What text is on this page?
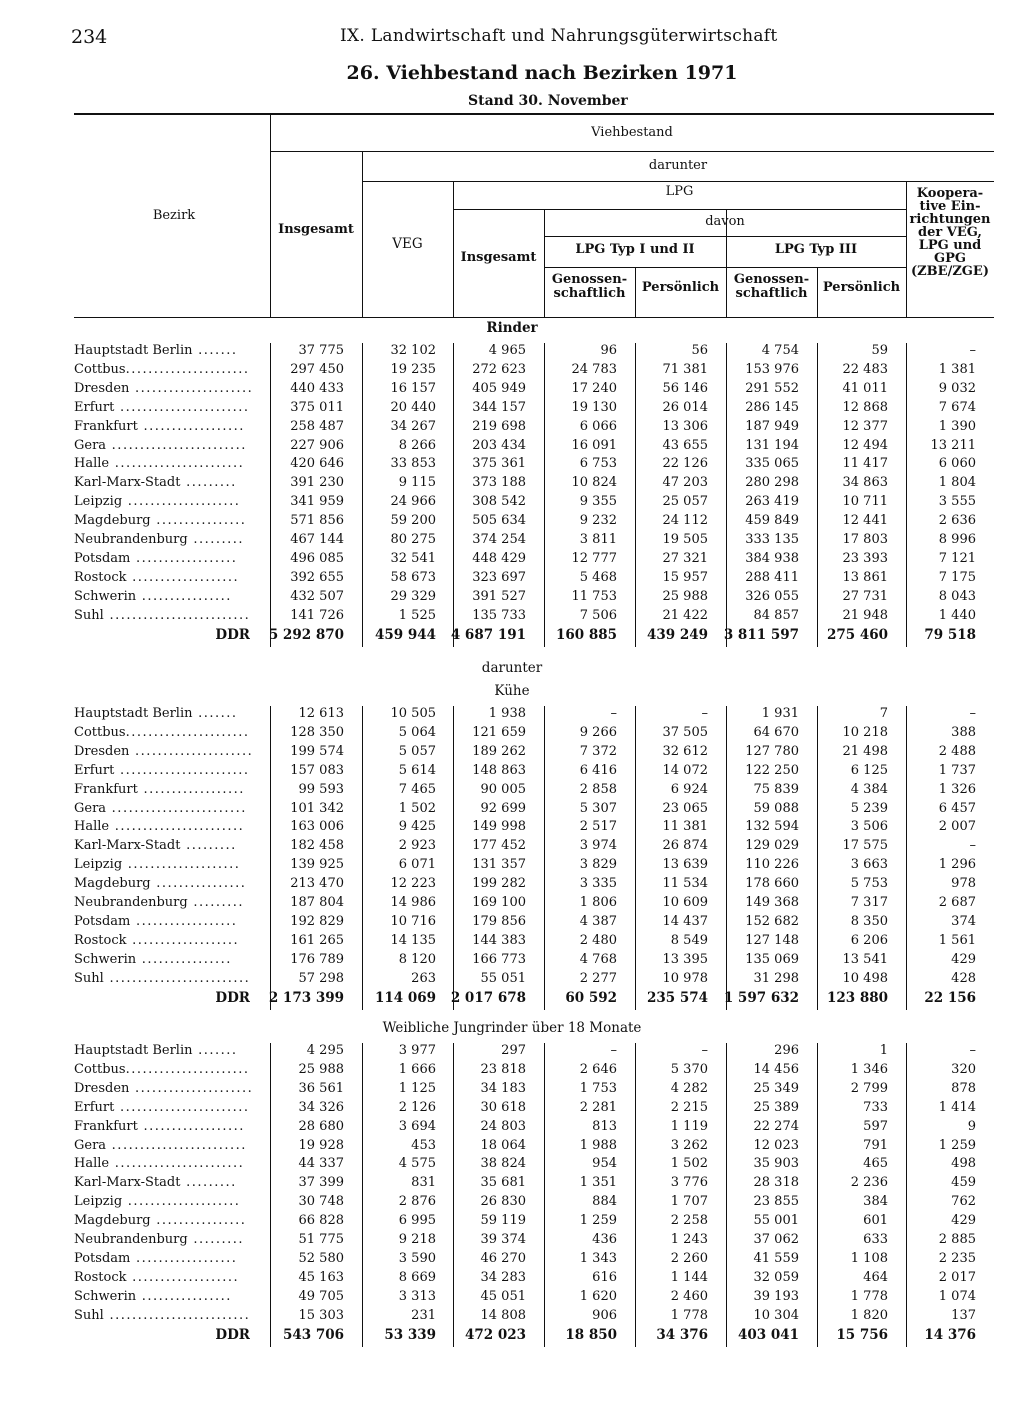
234	IX. Landwirtschaft und Nahrungsgüterwirtschaft
26. Viehbestand nach Bezirken 1971
Stand 30. November
Bezirk
Viehbestand
Insgesamt
darunter
VEG
LPG
Insgesamt
davon
LPG Typ I und II	LPG Typ III
Genossen-
schaftlich	Persönlich
Genossen-
schaftlich	Persönlich
Kooperа-
tive Ein-
richtungen
der VEG,
LPG und
GPG
(ZBE/ZGE)
Rinder
Hauptstadt Berlin .......	37 775	32 102	4 965	96	56	4 754	59	–
Cottbus......................	297 450	19 235	272 623	24 783	71 381	153 976	22 483	1 381
Dresden .....................	440 433	16 157	405 949	17 240	56 146	291 552	41 011	9 032
Erfurt .......................	375 011	20 440	344 157	19 130	26 014	286 145	12 868	7 674
Frankfurt ..................	258 487	34 267	219 698	6 066	13 306	187 949	12 377	1 390
Gera ........................	227 906	8 266	203 434	16 091	43 655	131 194	12 494	13 211
Halle .......................	420 646	33 853	375 361	6 753	22 126	335 065	11 417	6 060
Karl-Marx-Stadt .........	391 230	9 115	373 188	10 824	47 203	280 298	34 863	1 804
Leipzig ....................	341 959	24 966	308 542	9 355	25 057	263 419	10 711	3 555
Magdeburg ................	571 856	59 200	505 634	9 232	24 112	459 849	12 441	2 636
Neubrandenburg .........	467 144	80 275	374 254	3 811	19 505	333 135	17 803	8 996
Potsdam ..................	496 085	32 541	448 429	12 777	27 321	384 938	23 393	7 121
Rostock ...................	392 655	58 673	323 697	5 468	15 957	288 411	13 861	7 175
Schwerin ................	432 507	29 329	391 527	11 753	25 988	326 055	27 731	8 043
Suhl .........................	141 726	1 525	135 733	7 506	21 422	84 857	21 948	1 440
DDR	5 292 870	459 944	4 687 191	160 885	439 249	3 811 597	275 460	79 518
darunter
Kühe
Hauptstadt Berlin .......	12 613	10 505	1 938	–	–	1 931	7	–
Cottbus......................	128 350	5 064	121 659	9 266	37 505	64 670	10 218	388
Dresden .....................	199 574	5 057	189 262	7 372	32 612	127 780	21 498	2 488
Erfurt .......................	157 083	5 614	148 863	6 416	14 072	122 250	6 125	1 737
Frankfurt ..................	99 593	7 465	90 005	2 858	6 924	75 839	4 384	1 326
Gera ........................	101 342	1 502	92 699	5 307	23 065	59 088	5 239	6 457
Halle .......................	163 006	9 425	149 998	2 517	11 381	132 594	3 506	2 007
Karl-Marx-Stadt .........	182 458	2 923	177 452	3 974	26 874	129 029	17 575	–
Leipzig ....................	139 925	6 071	131 357	3 829	13 639	110 226	3 663	1 296
Magdeburg ................	213 470	12 223	199 282	3 335	11 534	178 660	5 753	978
Neubrandenburg .........	187 804	14 986	169 100	1 806	10 609	149 368	7 317	2 687
Potsdam ..................	192 829	10 716	179 856	4 387	14 437	152 682	8 350	374
Rostock ...................	161 265	14 135	144 383	2 480	8 549	127 148	6 206	1 561
Schwerin ................	176 789	8 120	166 773	4 768	13 395	135 069	13 541	429
Suhl .........................	57 298	263	55 051	2 277	10 978	31 298	10 498	428
DDR	2 173 399	114 069	2 017 678	60 592	235 574	1 597 632	123 880	22 156
Weibliche Jungrinder über 18 Monate
Hauptstadt Berlin .......	4 295	3 977	297	–	–	296	1	–
Cottbus......................	25 988	1 666	23 818	2 646	5 370	14 456	1 346	320
Dresden .....................	36 561	1 125	34 183	1 753	4 282	25 349	2 799	878
Erfurt .......................	34 326	2 126	30 618	2 281	2 215	25 389	733	1 414
Frankfurt ..................	28 680	3 694	24 803	813	1 119	22 274	597	9
Gera ........................	19 928	453	18 064	1 988	3 262	12 023	791	1 259
Halle .......................	44 337	4 575	38 824	954	1 502	35 903	465	498
Karl-Marx-Stadt .........	37 399	831	35 681	1 351	3 776	28 318	2 236	459
Leipzig ....................	30 748	2 876	26 830	884	1 707	23 855	384	762
Magdeburg ................	66 828	6 995	59 119	1 259	2 258	55 001	601	429
Neubrandenburg .........	51 775	9 218	39 374	436	1 243	37 062	633	2 885
Potsdam ..................	52 580	3 590	46 270	1 343	2 260	41 559	1 108	2 235
Rostock ...................	45 163	8 669	34 283	616	1 144	32 059	464	2 017
Schwerin ................	49 705	3 313	45 051	1 620	2 460	39 193	1 778	1 074
Suhl .........................	15 303	231	14 808	906	1 778	10 304	1 820	137
DDR	543 706	53 339	472 023	18 850	34 376	403 041	15 756	14 376
